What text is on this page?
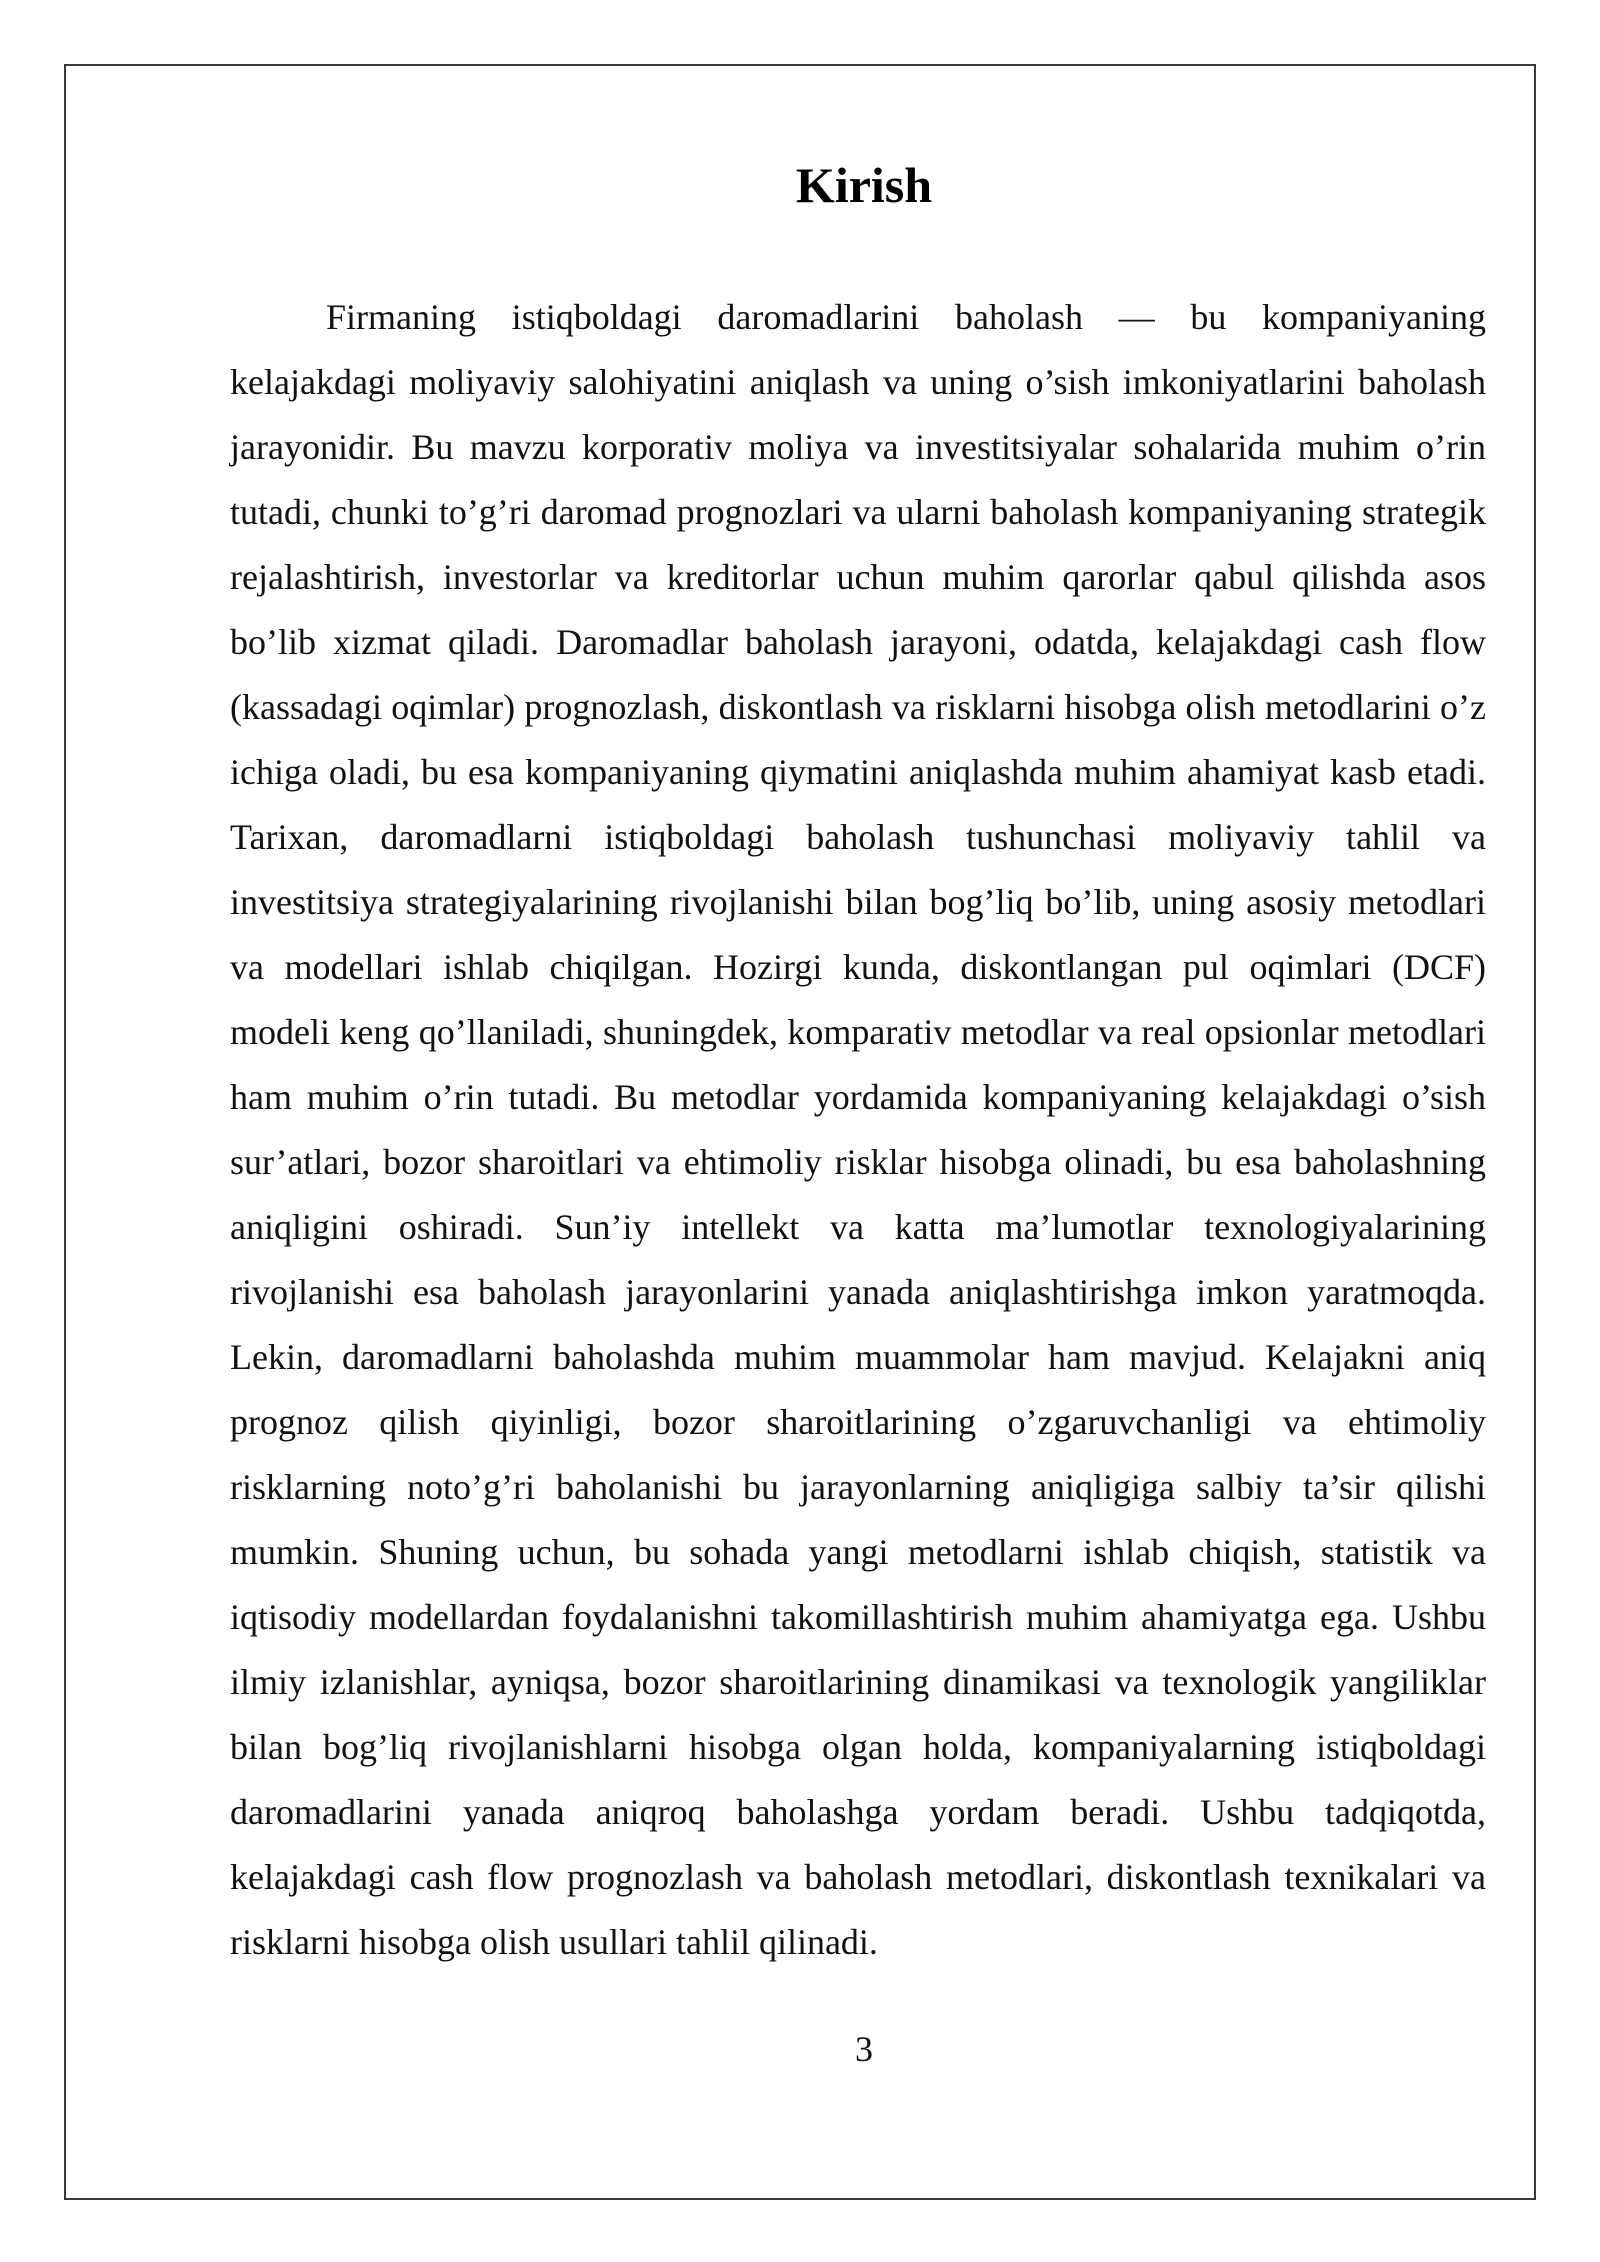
Kirish

Firmaning istiqboldagi daromadlarini baholash — bu kompaniyaning kelajakdagi moliyaviy salohiyatini aniqlash va uning o’sish imkoniyatlarini baholash jarayonidir. Bu mavzu korporativ moliya va investitsiyalar sohalarida muhim o’rin tutadi, chunki to’g’ri daromad prognozlari va ularni baholash kompaniyaning strategik rejalashtirish, investorlar va kreditorlar uchun muhim qarorlar qabul qilishda asos bo’lib xizmat qiladi. Daromadlar baholash jarayoni, odatda, kelajakdagi cash flow (kassadagi oqimlar) prognozlash, diskontlash va risklarni hisobga olish metodlarini o’z ichiga oladi, bu esa kompaniyaning qiymatini aniqlashda muhim ahamiyat kasb etadi. Tarixan, daromadlarni istiqboldagi baholash tushunchasi moliyaviy tahlil va investitsiya strategiyalarining rivojlanishi bilan bog’liq bo’lib, uning asosiy metodlari va modellari ishlab chiqilgan. Hozirgi kunda, diskontlangan pul oqimlari (DCF) modeli keng qo’llaniladi, shuningdek, komparativ metodlar va real opsionlar metodlari ham muhim o’rin tutadi. Bu metodlar yordamida kompaniyaning kelajakdagi o’sish sur’atlari, bozor sharoitlari va ehtimoliy risklar hisobga olinadi, bu esa baholashning aniqligini oshiradi. Sun’iy intellekt va katta ma’lumotlar texnologiyalarining rivojlanishi esa baholash jarayonlarini yanada aniqlashtirishga imkon yaratmoqda. Lekin, daromadlarni baholashda muhim muammolar ham mavjud. Kelajakni aniq prognoz qilish qiyinligi, bozor sharoitlarining o’zgaruvchanligi va ehtimoliy risklarning noto’g’ri baholanishi bu jarayonlarning aniqligiga salbiy ta’sir qilishi mumkin. Shuning uchun, bu sohada yangi metodlarni ishlab chiqish, statistik va iqtisodiy modellardan foydalanishni takomillashtirish muhim ahamiyatga ega. Ushbu ilmiy izlanishlar, ayniqsa, bozor sharoitlarining dinamikasi va texnologik yangiliklar bilan bog’liq rivojlanishlarni hisobga olgan holda, kompaniyalarning istiqboldagi daromadlarini yanada aniqroq baholashga yordam beradi. Ushbu tadqiqotda, kelajakdagi cash flow prognozlash va baholash metodlari, diskontlash texnikalari va risklarni hisobga olish usullari tahlil qilinadi.

3
